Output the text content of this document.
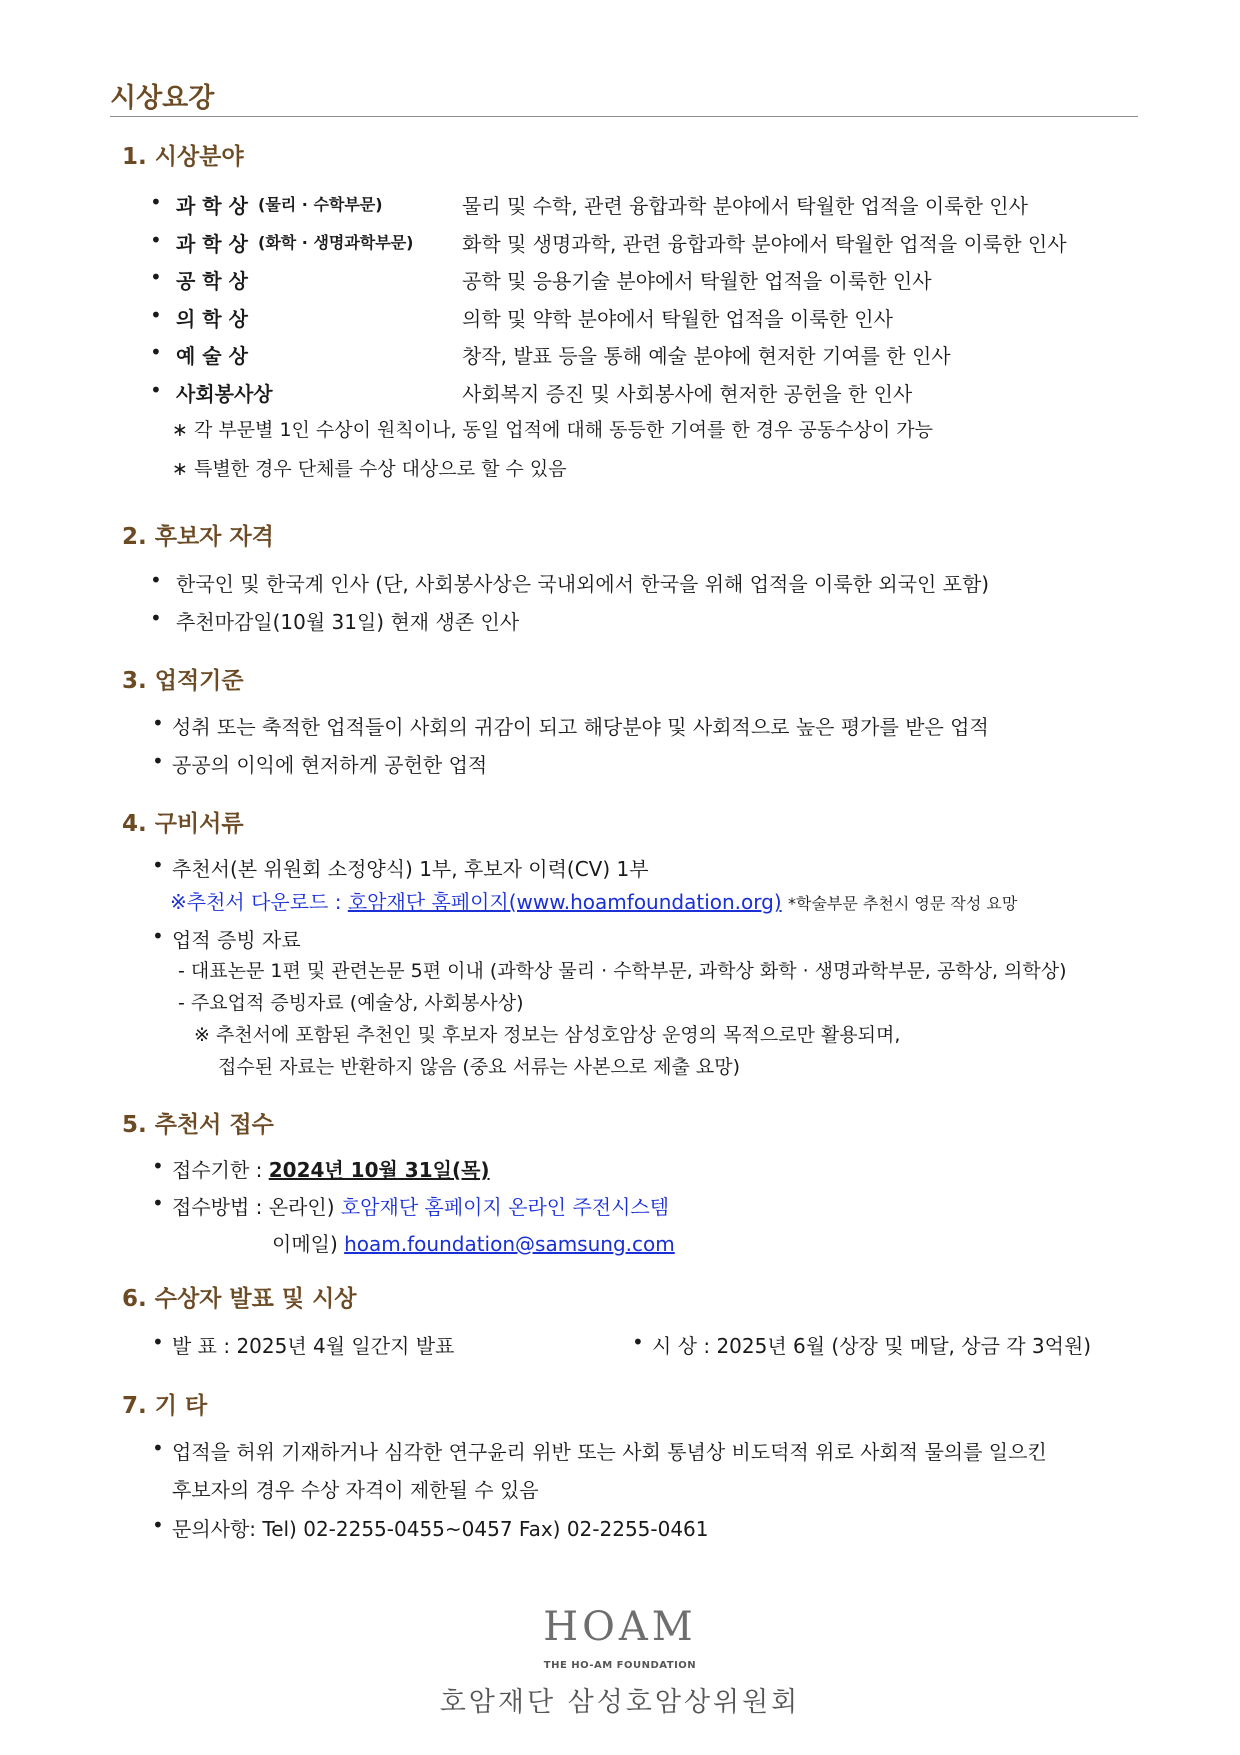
시상요강
1. 시상분야
• 과 학 상 (물리 · 수학부문)	물리 및 수학, 관련 융합과학 분야에서 탁월한 업적을 이룩한 인사
• 과 학 상 (화학 · 생명과학부문) 화학 및 생명과학, 관련 융합과학 분야에서 탁월한 업적을 이룩한 인사
• 공 학 상	공학 및 응용기술 분야에서 탁월한 업적을 이룩한 인사
• 의 학 상	의학 및 약학 분야에서 탁월한 업적을 이룩한 인사
• 예 술 상	창작, 발표 등을 통해 예술 분야에 현저한 기여를 한 인사
• 사회봉사상	사회복지 증진 및 사회봉사에 현저한 공헌을 한 인사
∗ 각 부문별 1인 수상이 원칙이나, 동일 업적에 대해 동등한 기여를 한 경우 공동수상이 가능
∗ 특별한 경우 단체를 수상 대상으로 할 수 있음
2. 후보자 자격
• 한국인 및 한국계 인사 (단, 사회봉사상은 국내외에서 한국을 위해 업적을 이룩한 외국인 포함)
• 추천마감일(10월 31일) 현재 생존 인사
3. 업적기준
• 성취 또는 축적한 업적들이 사회의 귀감이 되고 해당분야 및 사회적으로 높은 평가를 받은 업적
• 공공의 이익에 현저하게 공헌한 업적
4. 구비서류
• 추천서(본 위원회 소정양식) 1부, 후보자 이력(CV) 1부
※추천서 다운로드 : 호암재단 홈페이지(www.hoamfoundation.org) *학술부문 추천시 영문 작성 요망
• 업적 증빙 자료
- 대표논문 1편 및 관련논문 5편 이내 (과학상 물리 · 수학부문, 과학상 화학 · 생명과학부문, 공학상, 의학상)
- 주요업적 증빙자료 (예술상, 사회봉사상)
※ 추천서에 포함된 추천인 및 후보자 정보는 삼성호암상 운영의 목적으로만 활용되며,
접수된 자료는 반환하지 않음 (중요 서류는 사본으로 제출 요망)
5. 추천서 접수
• 접수기한 : 2024년 10월 31일(목)
• 접수방법 : 온라인) 호암재단 홈페이지 온라인 주전시스템
이메일) hoam.foundation@samsung.com
6. 수상자 발표 및 시상
• 발 표 : 2025년 4월 일간지 발표	• 시 상 : 2025년 6월 (상장 및 메달, 상금 각 3억원)
7. 기 타
• 업적을 허위 기재하거나 심각한 연구윤리 위반 또는 사회 통념상 비도덕적 위로 사회적 물의를 일으킨
후보자의 경우 수상 자격이 제한될 수 있음
• 문의사항: Tel) 02-2255-0455~0457 Fax) 02-2255-0461
HOAM
THE HO-AM FOUNDATION
호암재단 삼성호암상위원회
